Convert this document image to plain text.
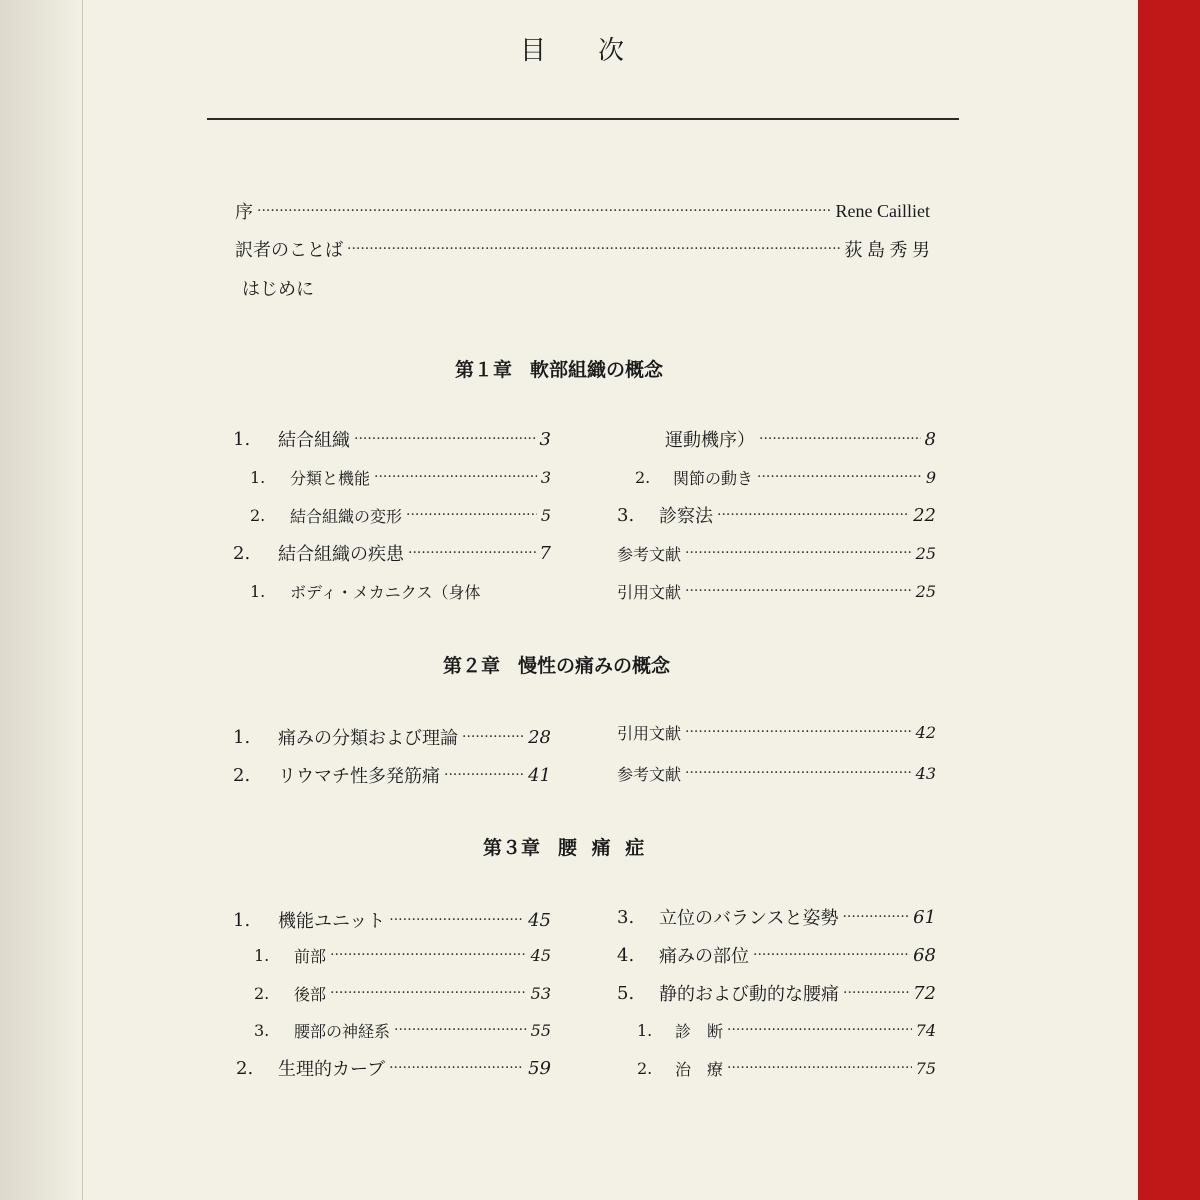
目 次
序 ·····	Rene Cailliet
訳者のことば ·····	荻 島 秀 男
はじめに
第１章 軟部組織の概念
1.	結合組織 ·····	3
1.	分類と機能 ·····	3
2.	結合組織の変形 ·····	5
2.	結合組織の疾患 ·····	7
1.	ボディ・メカニクス（身体
運動機序） ·····	8
2.	関節の動き ·····	9
3.	診察法 ·····	22
参考文献 ·····	25
引用文献 ·····	25
第２章 慢性の痛みの概念
1.	痛みの分類および理論 ·····	28
2.	リウマチ性多発筋痛 ·····	41
引用文献 ·····	42
参考文献 ·····	43
第３章 腰 痛 症
1.	機能ユニット ·····	45
1.	前部 ·····	45
2.	後部 ·····	53
3.	腰部の神経系 ·····	55
2.	生理的カーブ ·····	59
3.	立位のバランスと姿勢 ·····	61
4.	痛みの部位 ·····	68
5.	静的および動的な腰痛 ·····	72
1.	診　断 ·····	74
2.	治　療 ·····	75
